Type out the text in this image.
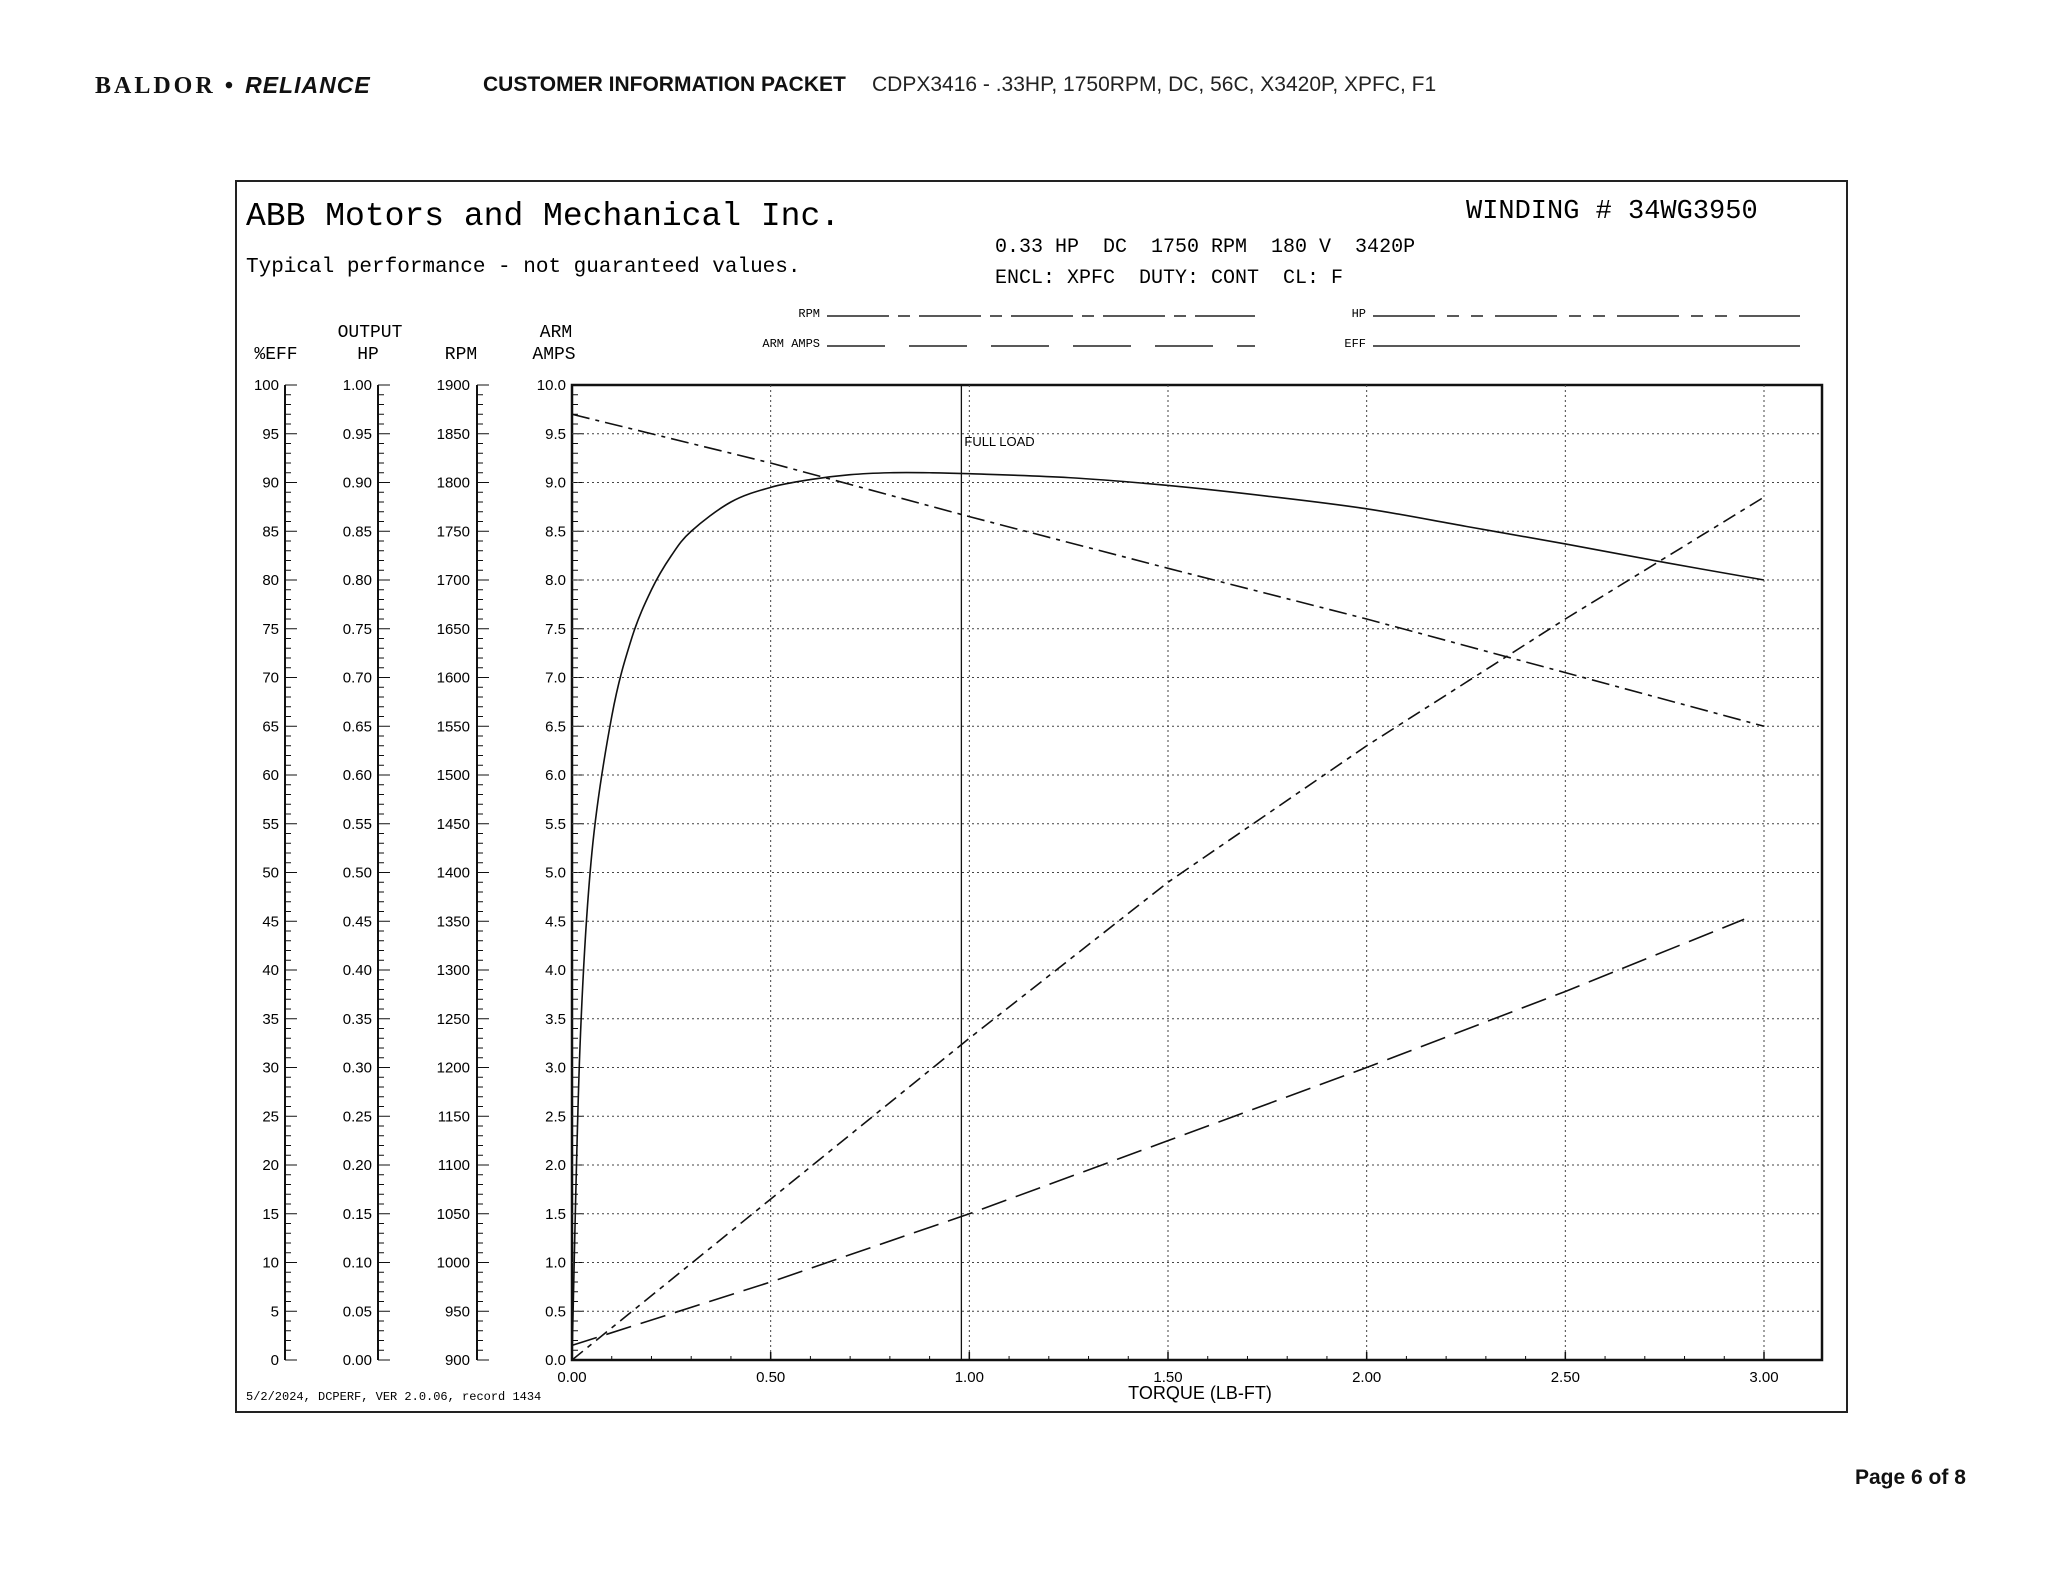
BALDOR • RELIANCE	CUSTOMER INFORMATION PACKET CDPX3416 - .33HP, 1750RPM, DC, 56C, X3420P, XPFC, F1
ABB Motors and Mechanical Inc.
Typical performance - not guaranteed values.
WINDING # 34WG3950
0.33 HP  DC  1750 RPM  180 V  3420P
ENCL: XPFC  DUTY: CONT  CL: F
RPM
ARM AMPS
HP
EFF
%EFF
OUTPUT
HP	RPM
ARM
AMPS
0
5
10
15
20
25
30
35
40
45
50
55
60
65
70
75
80
85
90
95
100
0.00
0.05
0.10
0.15
0.20
0.25
0.30
0.35
0.40
0.45
0.50
0.55
0.60
0.65
0.70
0.75
0.80
0.85
0.90
0.95
1.00
900
950
1000
1050
1100
1150
1200
1250
1300
1350
1400
1450
1500
1550
1600
1650
1700
1750
1800
1850
1900
0.0
0.5
1.0
1.5
2.0
2.5
3.0
3.5
4.0
4.5
5.0
5.5
6.0
6.5
7.0
7.5
8.0
8.5
9.0
9.5
10.0
0.00	0.50	1.00	1.50	2.00	2.50	3.00
FULL LOAD
TORQUE (LB-FT)
5/2/2024, DCPERF, VER 2.0.06, record 1434
Page 6 of 8
